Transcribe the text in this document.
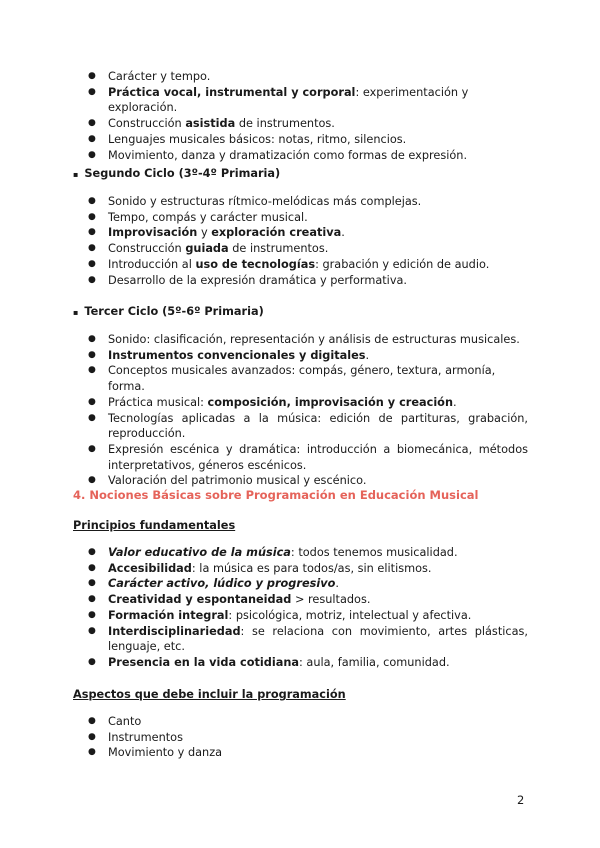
● Carácter y tempo.
● Práctica vocal, instrumental y corporal: experimentación y exploración.
● Construcción asistida de instrumentos.
● Lenguajes musicales básicos: notas, ritmo, silencios.
● Movimiento, danza y dramatización como formas de expresión.
▪ Segundo Ciclo (3º-4º Primaria)
● Sonido y estructuras rítmico-melódicas más complejas.
● Tempo, compás y carácter musical.
● Improvisación y exploración creativa.
● Construcción guiada de instrumentos.
● Introducción al uso de tecnologías: grabación y edición de audio.
● Desarrollo de la expresión dramática y performativa.
▪ Tercer Ciclo (5º-6º Primaria)
● Sonido: clasificación, representación y análisis de estructuras musicales.
● Instrumentos convencionales y digitales.
● Conceptos musicales avanzados: compás, género, textura, armonía, forma.
● Práctica musical: composición, improvisación y creación.
● Tecnologías aplicadas a la música: edición de partituras, grabación, reproducción.
● Expresión escénica y dramática: introducción a biomecánica, métodos interpretativos, géneros escénicos.
● Valoración del patrimonio musical y escénico.
4. Nociones Básicas sobre Programación en Educación Musical
Principios fundamentales
● Valor educativo de la música: todos tenemos musicalidad.
● Accesibilidad: la música es para todos/as, sin elitismos.
● Carácter activo, lúdico y progresivo.
● Creatividad y espontaneidad > resultados.
● Formación integral: psicológica, motriz, intelectual y afectiva.
● Interdisciplinariedad: se relaciona con movimiento, artes plásticas, lenguaje, etc.
● Presencia en la vida cotidiana: aula, familia, comunidad.
Aspectos que debe incluir la programación
● Canto
● Instrumentos
● Movimiento y danza
2
